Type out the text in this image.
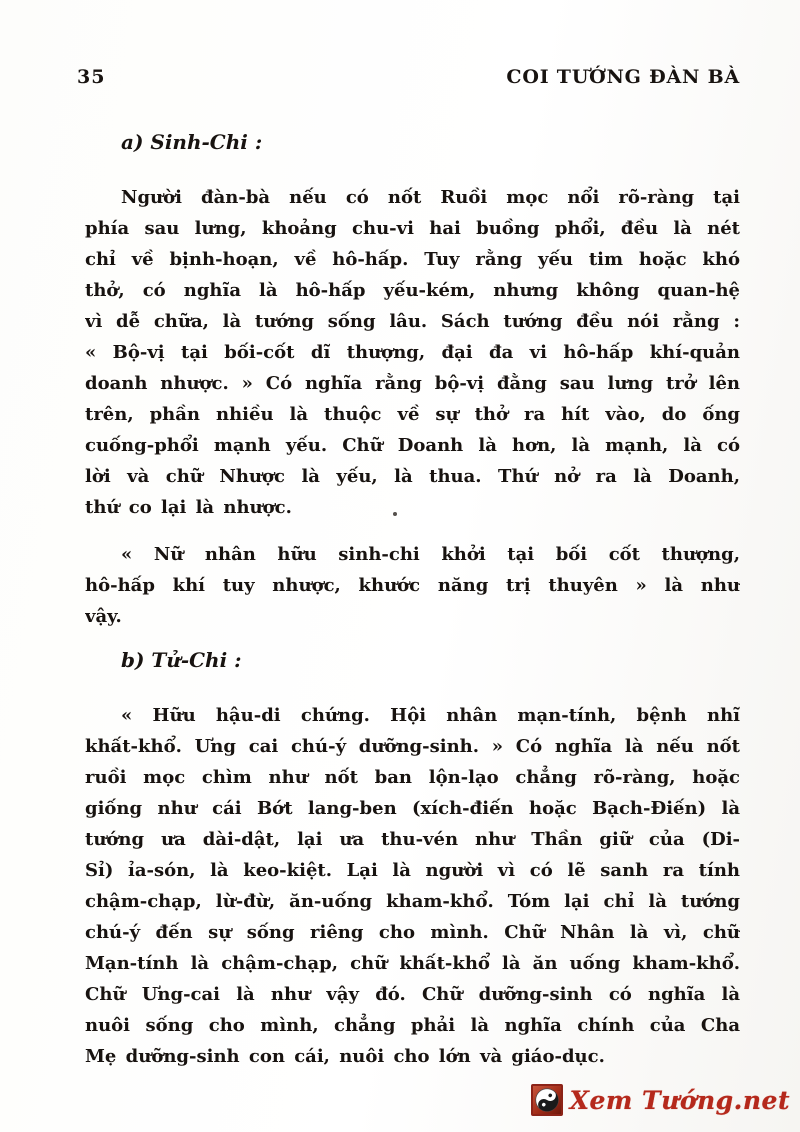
35	COI TƯỚNG ĐÀN BÀ
a) Sinh-Chi :
Người đàn-bà nếu có nốt Ruồi mọc nổi rõ-ràng tại
phía sau lưng, khoảng chu-vi hai buồng phổi, đều là nét
chỉ về bịnh-hoạn, về hô-hấp. Tuy rằng yếu tim hoặc khó
thở, có nghĩa là hô-hấp yếu-kém, nhưng không quan-hệ
vì dễ chữa, là tướng sống lâu. Sách tướng đều nói rằng :
« Bộ-vị tại bối-cốt dĩ thượng, đại đa vi hô-hấp khí-quản
doanh nhược. » Có nghĩa rằng bộ-vị đằng sau lưng trở lên
trên, phần nhiều là thuộc về sự thở ra hít vào, do ống
cuống-phổi mạnh yếu. Chữ Doanh là hơn, là mạnh, là có
lời và chữ Nhược là yếu, là thua. Thứ nở ra là Doanh,
thứ co lại là nhược.
« Nữ nhân hữu sinh-chi khởi tại bối cốt thượng,
hô-hấp khí tuy nhược, khước năng trị thuyên » là như
vậy.
b) Tử-Chi :
« Hữu hậu-di chứng. Hội nhân mạn-tính, bệnh nhĩ
khất-khổ. Ưng cai chú-ý dưỡng-sinh. » Có nghĩa là nếu nốt
ruồi mọc chìm như nốt ban lộn-lạo chẳng rõ-ràng, hoặc
giống như cái Bớt lang-ben (xích-điến hoặc Bạch-Điến) là
tướng ưa dài-dật, lại ưa thu-vén như Thần giữ của (Di-
Sỉ) ỉa-són, là keo-kiệt. Lại là người vì có lẽ sanh ra tính
chậm-chạp, lừ-đừ, ăn-uống kham-khổ. Tóm lại chỉ là tướng
chú-ý đến sự sống riêng cho mình. Chữ Nhân là vì, chữ
Mạn-tính là chậm-chạp, chữ khất-khổ là ăn uống kham-khổ.
Chữ Ưng-cai là như vậy đó. Chữ dưỡng-sinh có nghĩa là
nuôi sống cho mình, chẳng phải là nghĩa chính của Cha
Mẹ dưỡng-sinh con cái, nuôi cho lớn và giáo-dục.
Xem Tướng.net
